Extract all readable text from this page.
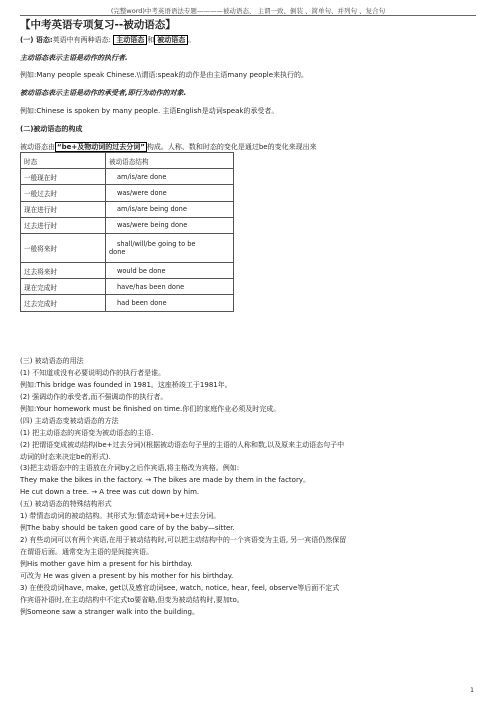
(完整word)中考英语语法专题————被动语态、 主谓一致、倒装 、简单句、并列句 、复合句
【中考英语专项复习--被动语态】
(一) 语态:英语中有两种语态: 主动语态 和 被动语态 。
主动语态表示主语是动作的执行者.
例如:Many people speak Chinese.\\谓语:speak的动作是由主语many people来执行的。
被动语态表示主语是动作的承受者,即行为动作的对象.
例如:Chinese is spoken by many people. 主语English是动词speak的承受者。
(二)被动语态的构成
被动语态由 “be+及物动词的过去分词” 构成。人称、数和时态的变化是通过be的变化来现出来
时态	被动语态结构
一般现在时	am/is/are done
一般过去时	was/were done
现在进行时	am/is/are being done
过去进行时	was/were being done
一般将来时	shall/will/be going to be
done

过去将来时	would be done
现在完成时	have/has been done
过去完成时	had been done
(三) 被动语态的用法
(1) 不知道或没有必要说明动作的执行者是谁。
例如:This bridge was founded in 1981。这座桥竣工于1981年。
(2) 强调动作的承受者,而不强调动作的执行者。
例如:Your homework must be finished on time.你们的家庭作业必须及时完成。
(四) 主动语态变被动语态的方法
(1) 把主动语态的宾语变为被动语态的主语.
(2) 把谓语变成被动结构(be+过去分词)(根据被动语态句子里的主语的人称和数,以及原来主动语态句子中
动词的时态来决定be的形式).
(3)把主动语态中的主语放在介词by之后作宾语,将主格改为宾格。例如:
They make the bikes in the factory. → The bikes are made by them in the factory。
He cut down a tree. → A tree was cut down by him.
(五) 被动语态的特殊结构形式
1) 带情态动词的被动结构。其形式为:情态动词+be+过去分词。
例The baby should be taken good care of by the baby—sitter.
2) 有些动词可以有两个宾语,在用于被动结构时,可以把主动结构中的一个宾语变为主语, 另一宾语仍然保留
在谓语后面。通常变为主语的是间接宾语。
例His mother gave him a present for his birthday.
可改为 He was given a present by his mother for his birthday.
3) 在使役动词have, make, get以及感官动词see, watch, notice, hear, feel, observe等后面不定式
作宾语补语时,在主动结构中不定式to要省略,但变为被动结构时,要加to。
例Someone saw a stranger walk into the building。
1
